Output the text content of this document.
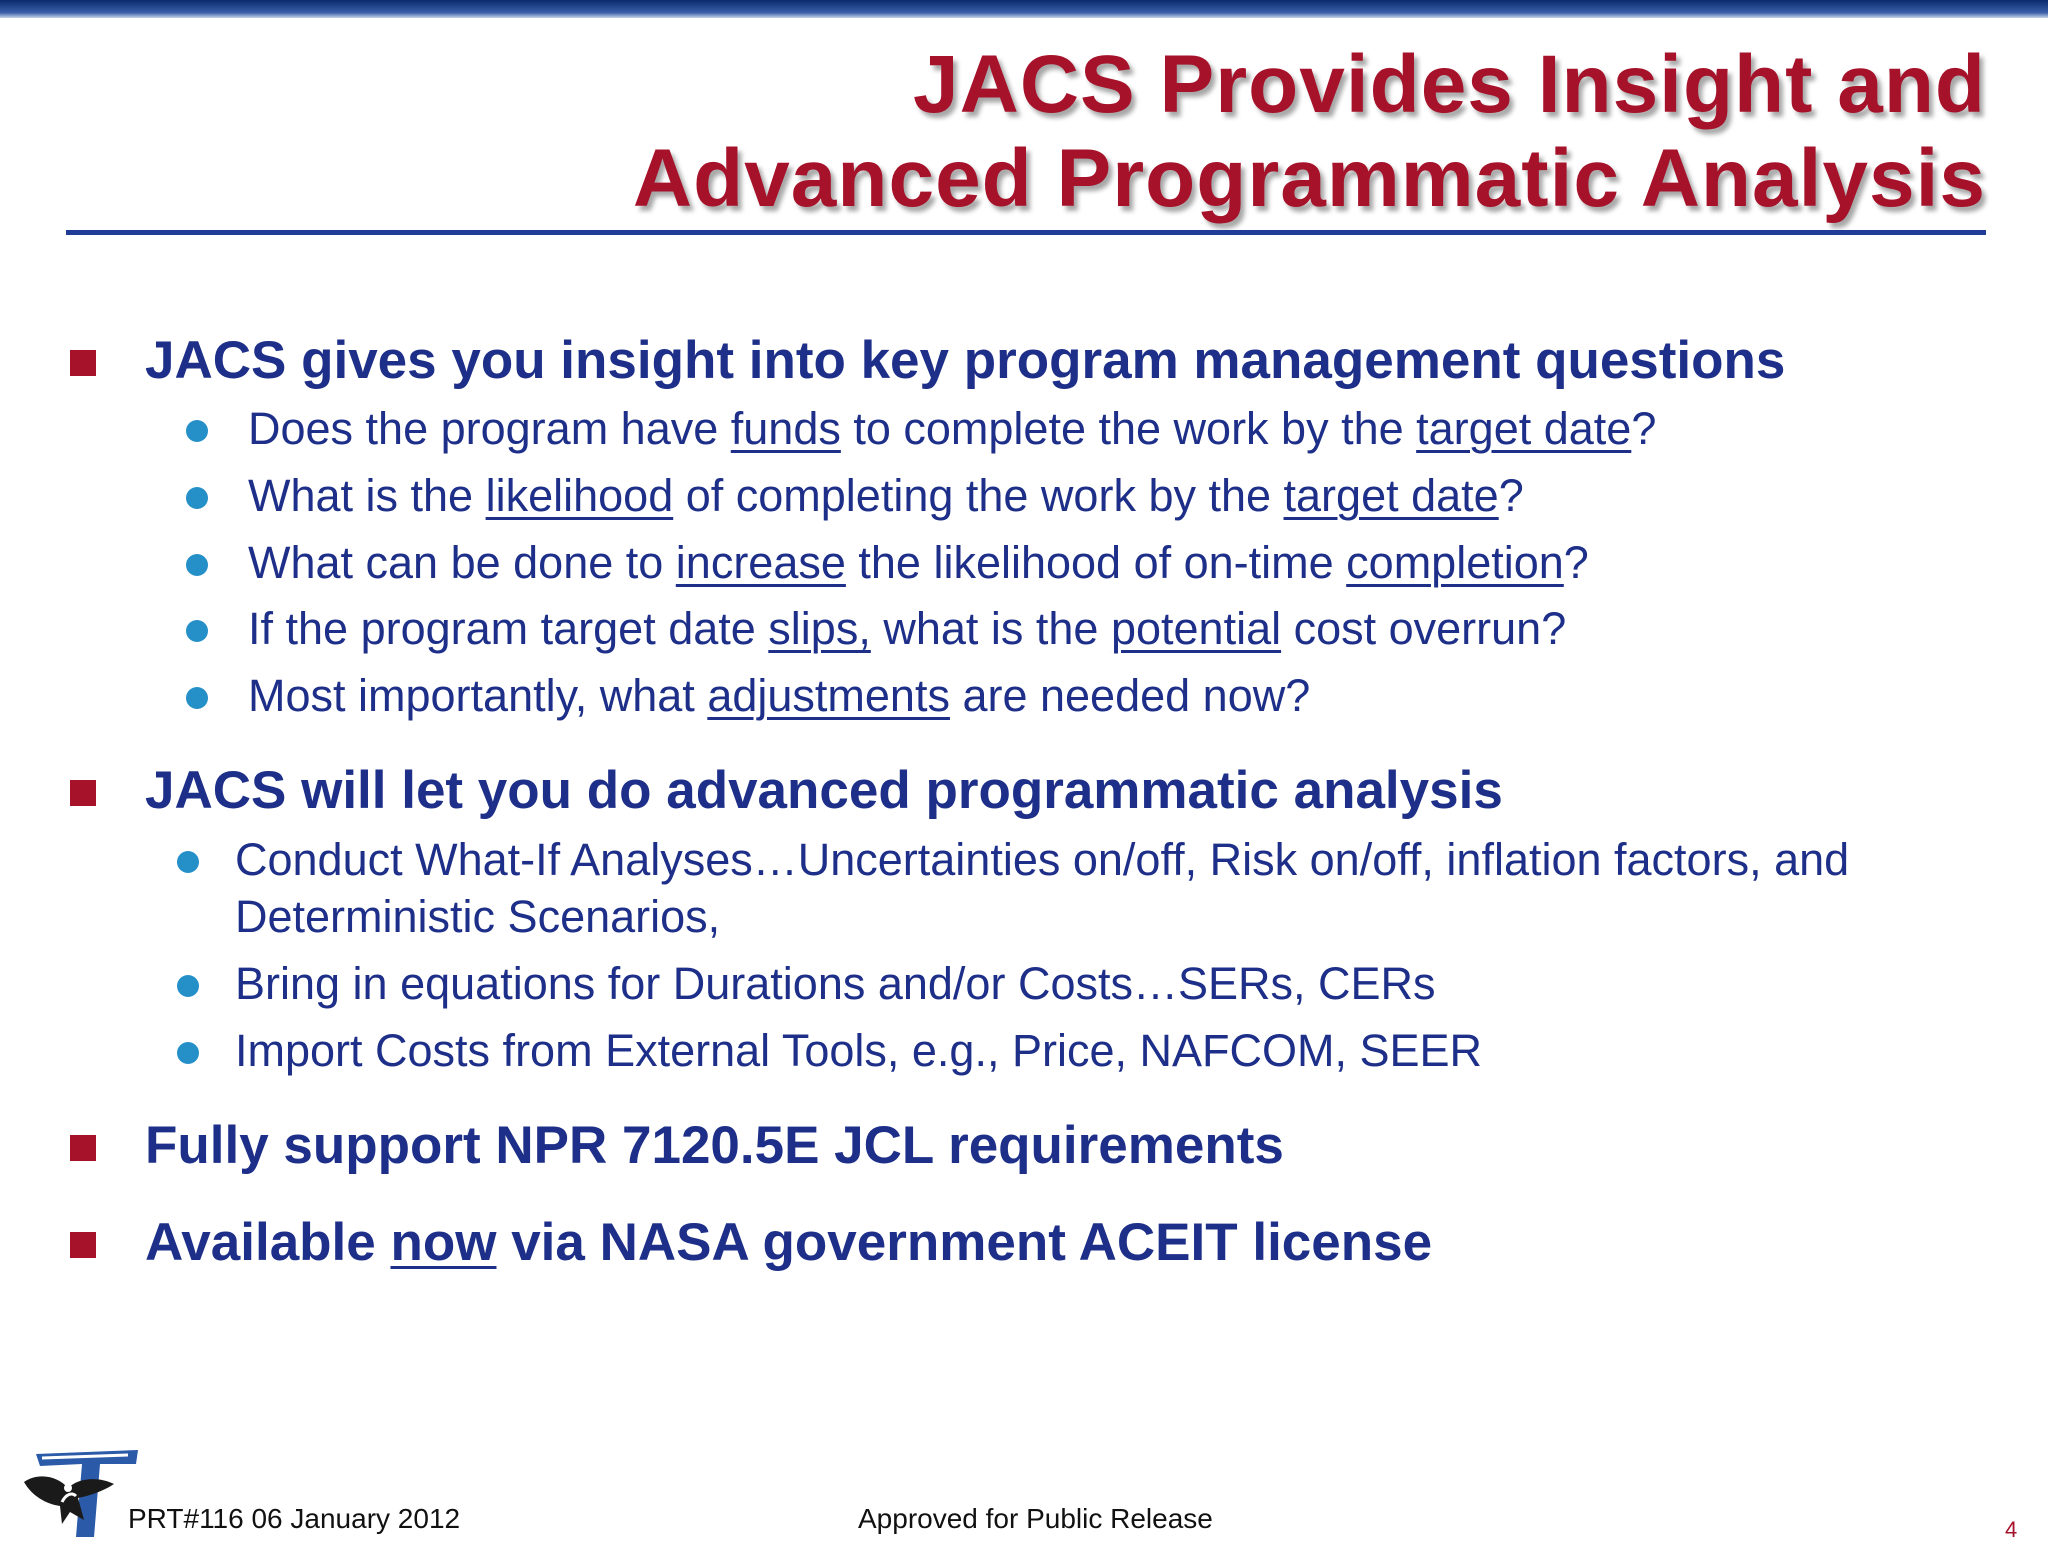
JACS Provides Insight and
Advanced Programmatic Analysis
JACS gives you insight into key program management questions
Does the program have funds to complete the work by the target date?
What is the likelihood of completing the work by the target date?
What can be done to increase the likelihood of on-time completion?
If the program target date slips, what is the potential cost overrun?
Most importantly, what adjustments are needed now?
JACS will let you do advanced programmatic analysis
Conduct What-If Analyses…Uncertainties on/off, Risk on/off, inflation factors, and
Deterministic Scenarios,
Bring in equations for Durations and/or Costs…SERs, CERs
Import Costs from External Tools, e.g., Price, NAFCOM, SEER
Fully support NPR 7120.5E JCL requirements
Available now via NASA government ACEIT license
PRT#116 06 January 2012	Approved for Public Release	4
